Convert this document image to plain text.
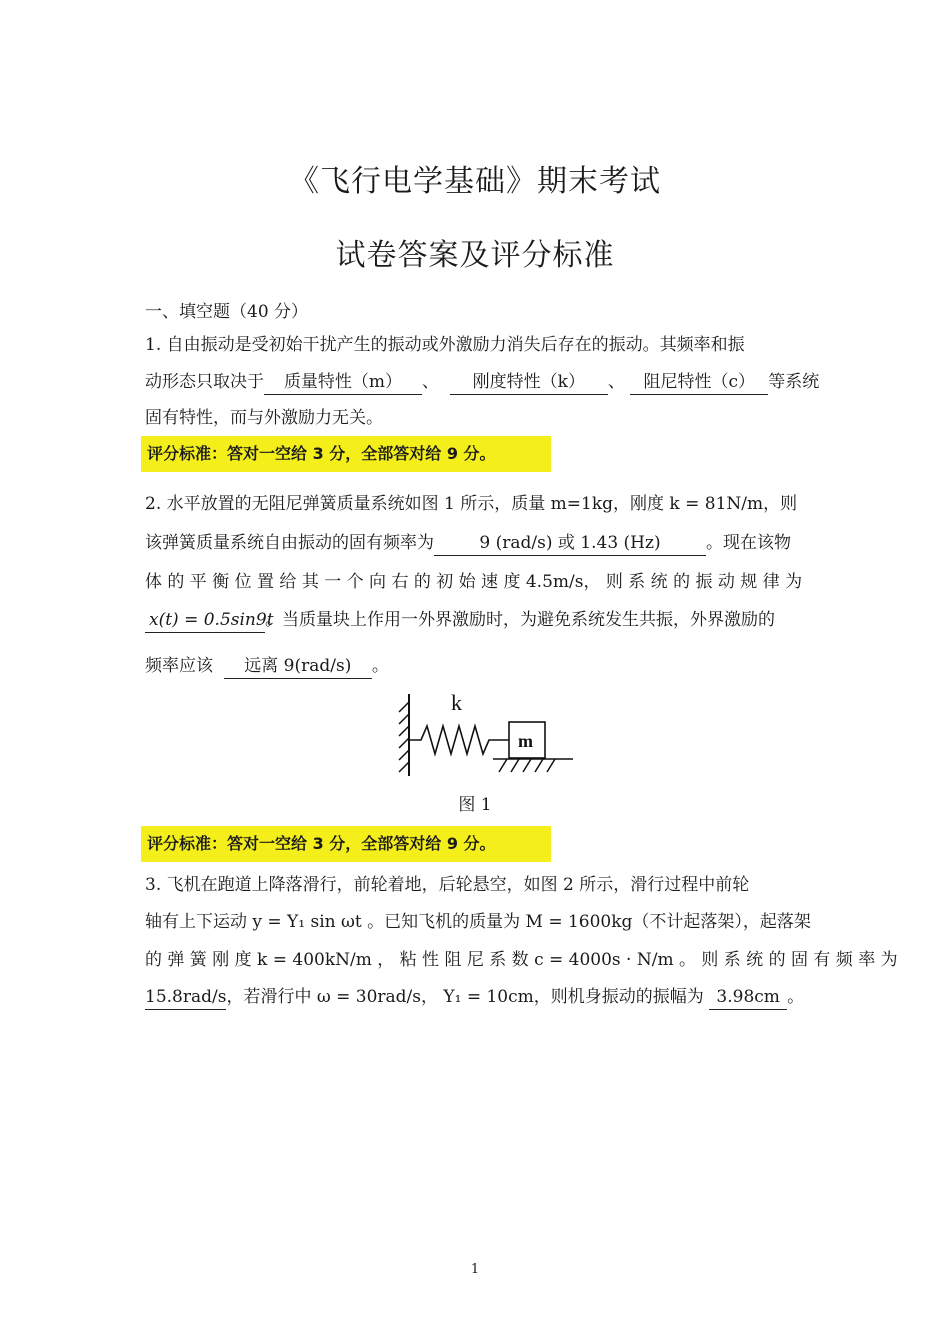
《飞行电学基础》期末考试
试卷答案及评分标准
一、填空题（40 分）
1. 自由振动是受初始干扰产生的振动或外激励力消失后存在的振动。其频率和振
动形态只取决于 质量特性（m） 、 刚度特性（k） 、 阻尼特性（c） 等系统
固有特性，而与外激励力无关。
评分标准：答对一空给 3 分，全部答对给 9 分。
2. 水平放置的无阻尼弹簧质量系统如图 1 所示，质量 m=1kg，刚度 k = 81N/m，则
该弹簧质量系统自由振动的固有频率为	9 (rad/s) 或 1.43 (Hz)	。现在该物
体 的 平 衡 位 置 给 其 一 个 向 右 的 初 始 速 度 4.5m/s， 则 系 统 的 振 动 规 律 为
x(t) = 0.5sin9t。当质量块上作用一外界激励时，为避免系统发生共振，外界激励的
频率应该 远离 9(rad/s) 。
k
m
图 1
评分标准：答对一空给 3 分，全部答对给 9 分。
3. 飞机在跑道上降落滑行，前轮着地，后轮悬空，如图 2 所示，滑行过程中前轮
轴有上下运动 y = Y₁ sin ωt 。已知飞机的质量为 M = 1600kg（不计起落架），起落架
的 弹 簧 刚 度 k = 400kN/m ， 粘 性 阻 尼 系 数 c = 4000s · N/m 。 则 系 统 的 固 有 频 率 为
15.8rad/s，若滑行中 ω = 30rad/s， Y₁ = 10cm，则机身振动的振幅为 3.98cm 。
1
